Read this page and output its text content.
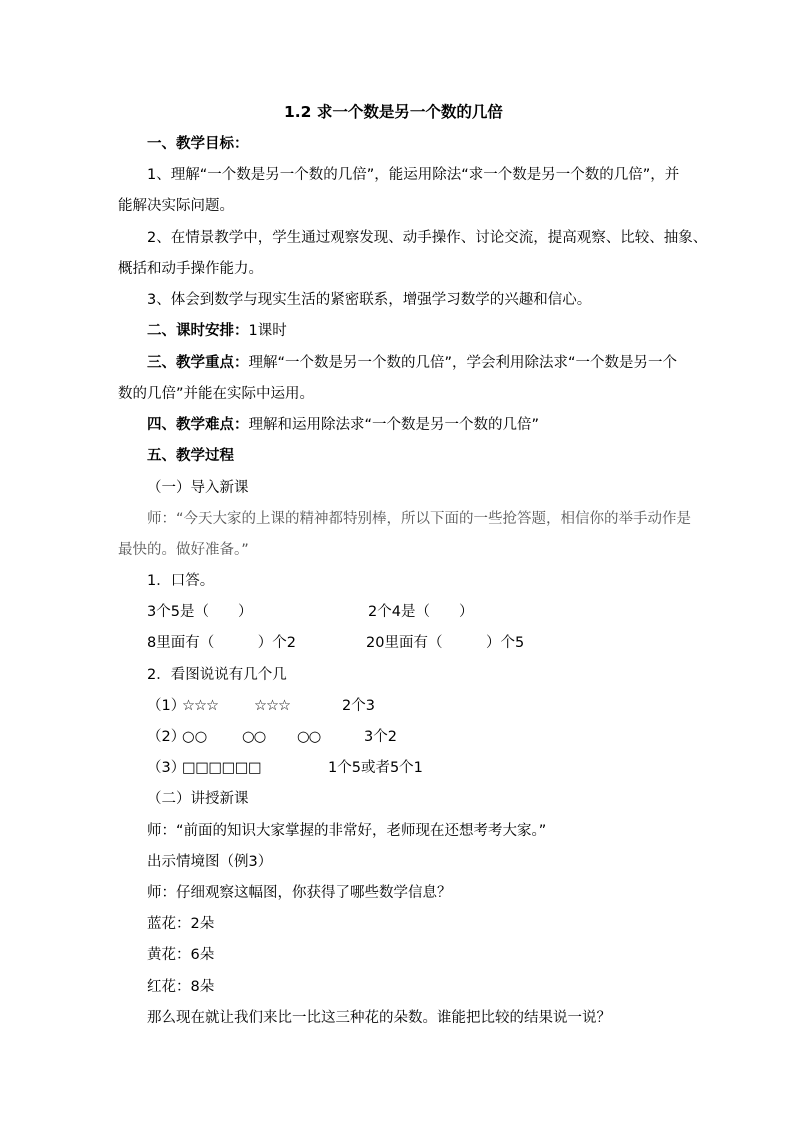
1.2 求一个数是另一个数的几倍
一、教学目标：
1、理解“一个数是另一个数的几倍”，能运用除法“求一个数是另一个数的几倍”，并
能解决实际问题。
2、在情景教学中，学生通过观察发现、动手操作、讨论交流，提高观察、比较、抽象、
概括和动手操作能力。
3、体会到数学与现实生活的紧密联系，增强学习数学的兴趣和信心。
二、课时安排：1课时
三、教学重点：理解“一个数是另一个数的几倍”，学会利用除法求“一个数是另一个
数的几倍”并能在实际中运用。
四、教学难点：理解和运用除法求“一个数是另一个数的几倍”
五、教学过程
（一）导入新课
师：“今天大家的上课的精神都特别棒，所以下面的一些抢答题，相信你的举手动作是
最快的。做好准备。”
1．口答。
3个5是（　　）	2个4是（　　）
8里面有（　　　）个2	20里面有（　　　）个5
2．看图说说有几个几
（1）
☆☆☆ ☆☆☆	2个3
（2）
○○ ○○ ○○	3个2
（3）
□□□□□□	1个5或者5个1
（二）讲授新课
师：“前面的知识大家掌握的非常好，老师现在还想考考大家。”
出示情境图（例3）
师：仔细观察这幅图，你获得了哪些数学信息？
蓝花：2朵
黄花：6朵
红花：8朵
那么现在就让我们来比一比这三种花的朵数。谁能把比较的结果说一说？
